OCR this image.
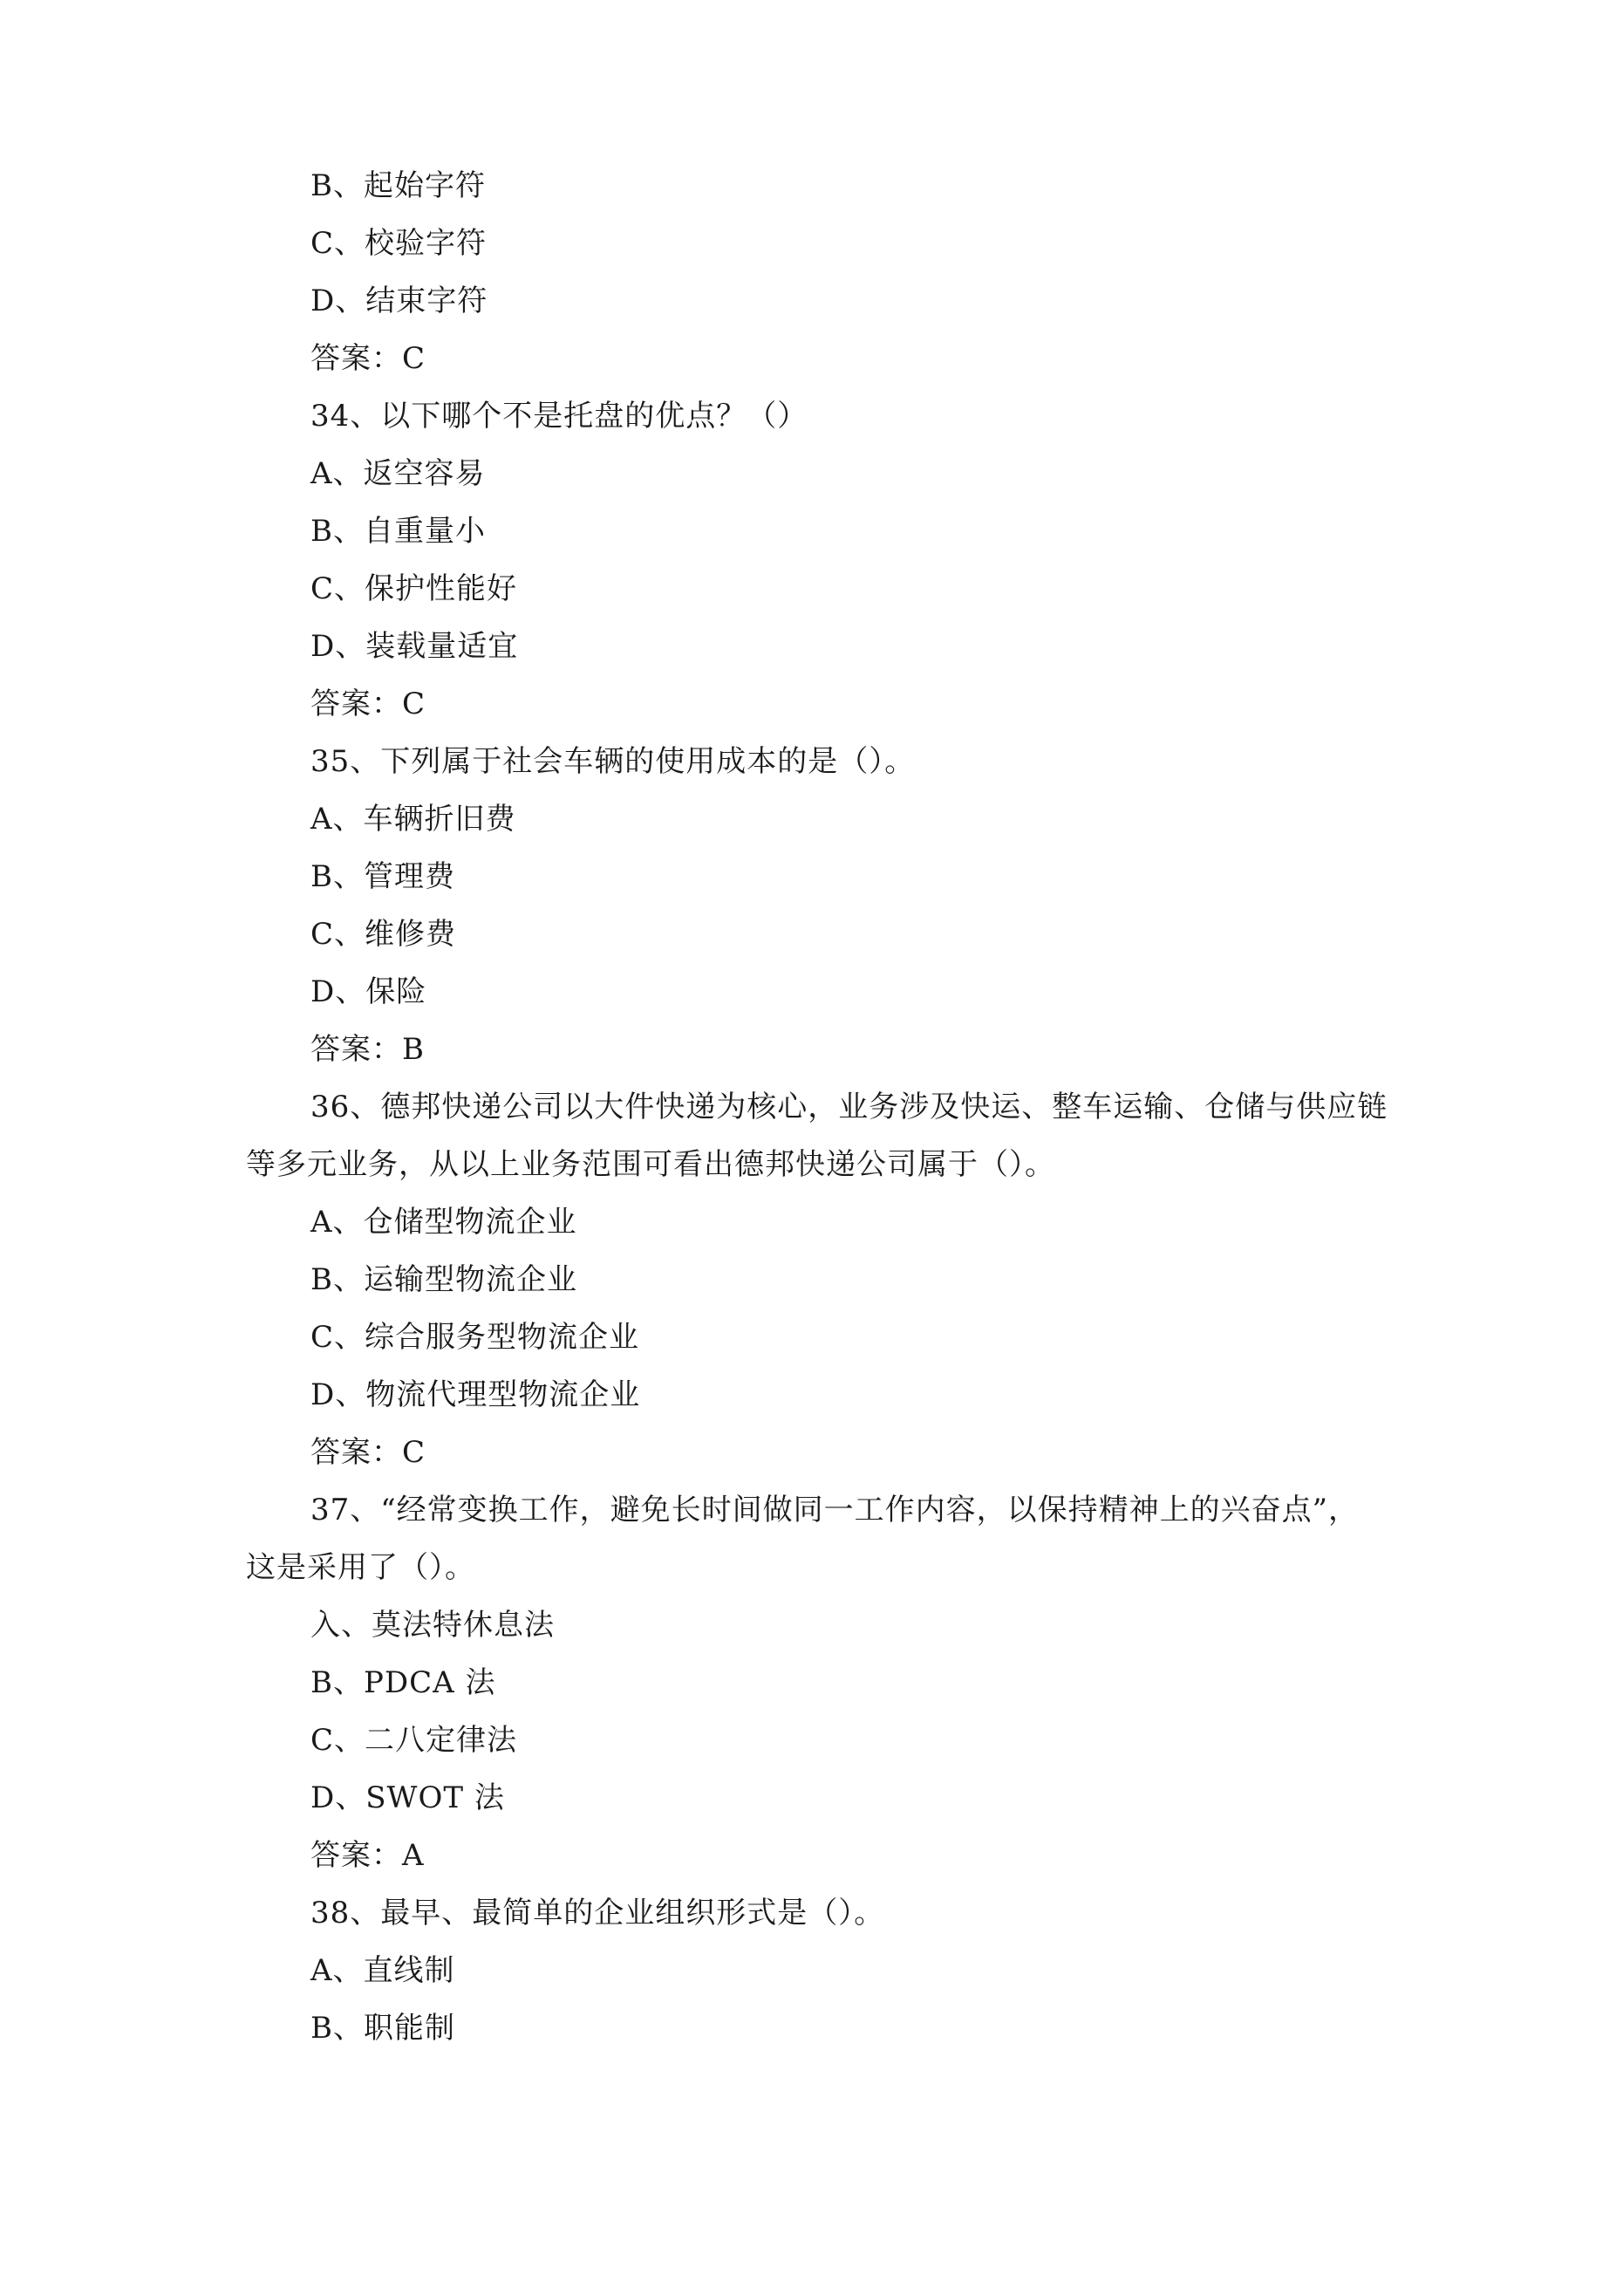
B、起始字符
C、校验字符
D、结束字符
答案：C
34、以下哪个不是托盘的优点？（）
A、返空容易
B、自重量小
C、保护性能好
D、装载量适宜
答案：C
35、下列属于社会车辆的使用成本的是（）。
A、车辆折旧费
B、管理费
C、维修费
D、保险
答案：B
36、德邦快递公司以大件快递为核心，业务涉及快运、整车运输、仓储与供应链
等多元业务，从以上业务范围可看出德邦快递公司属于（）。
A、仓储型物流企业
B、运输型物流企业
C、综合服务型物流企业
D、物流代理型物流企业
答案：C
37、“经常变换工作，避免长时间做同一工作内容，以保持精神上的兴奋点”，
这是采用了（）。
入、莫法特休息法
B、PDCA 法
C、二八定律法
D、SWOT 法
答案：A
38、最早、最简单的企业组织形式是（）。
A、直线制
B、职能制
